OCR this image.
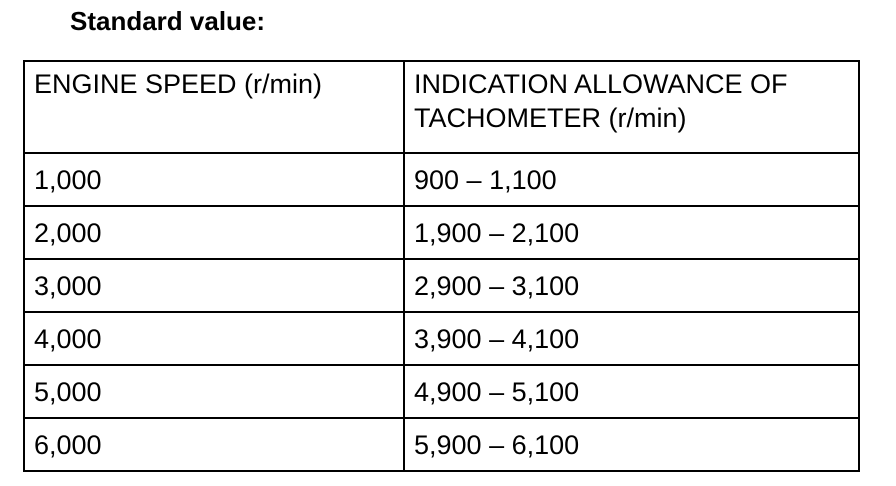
Standard value:
ENGINE SPEED (r/min)	INDICATION ALLOWANCE OF TACHOMETER (r/min)
1,000	900 – 1,100
2,000	1,900 – 2,100
3,000	2,900 – 3,100
4,000	3,900 – 4,100
5,000	4,900 – 5,100
6,000	5,900 – 6,100
